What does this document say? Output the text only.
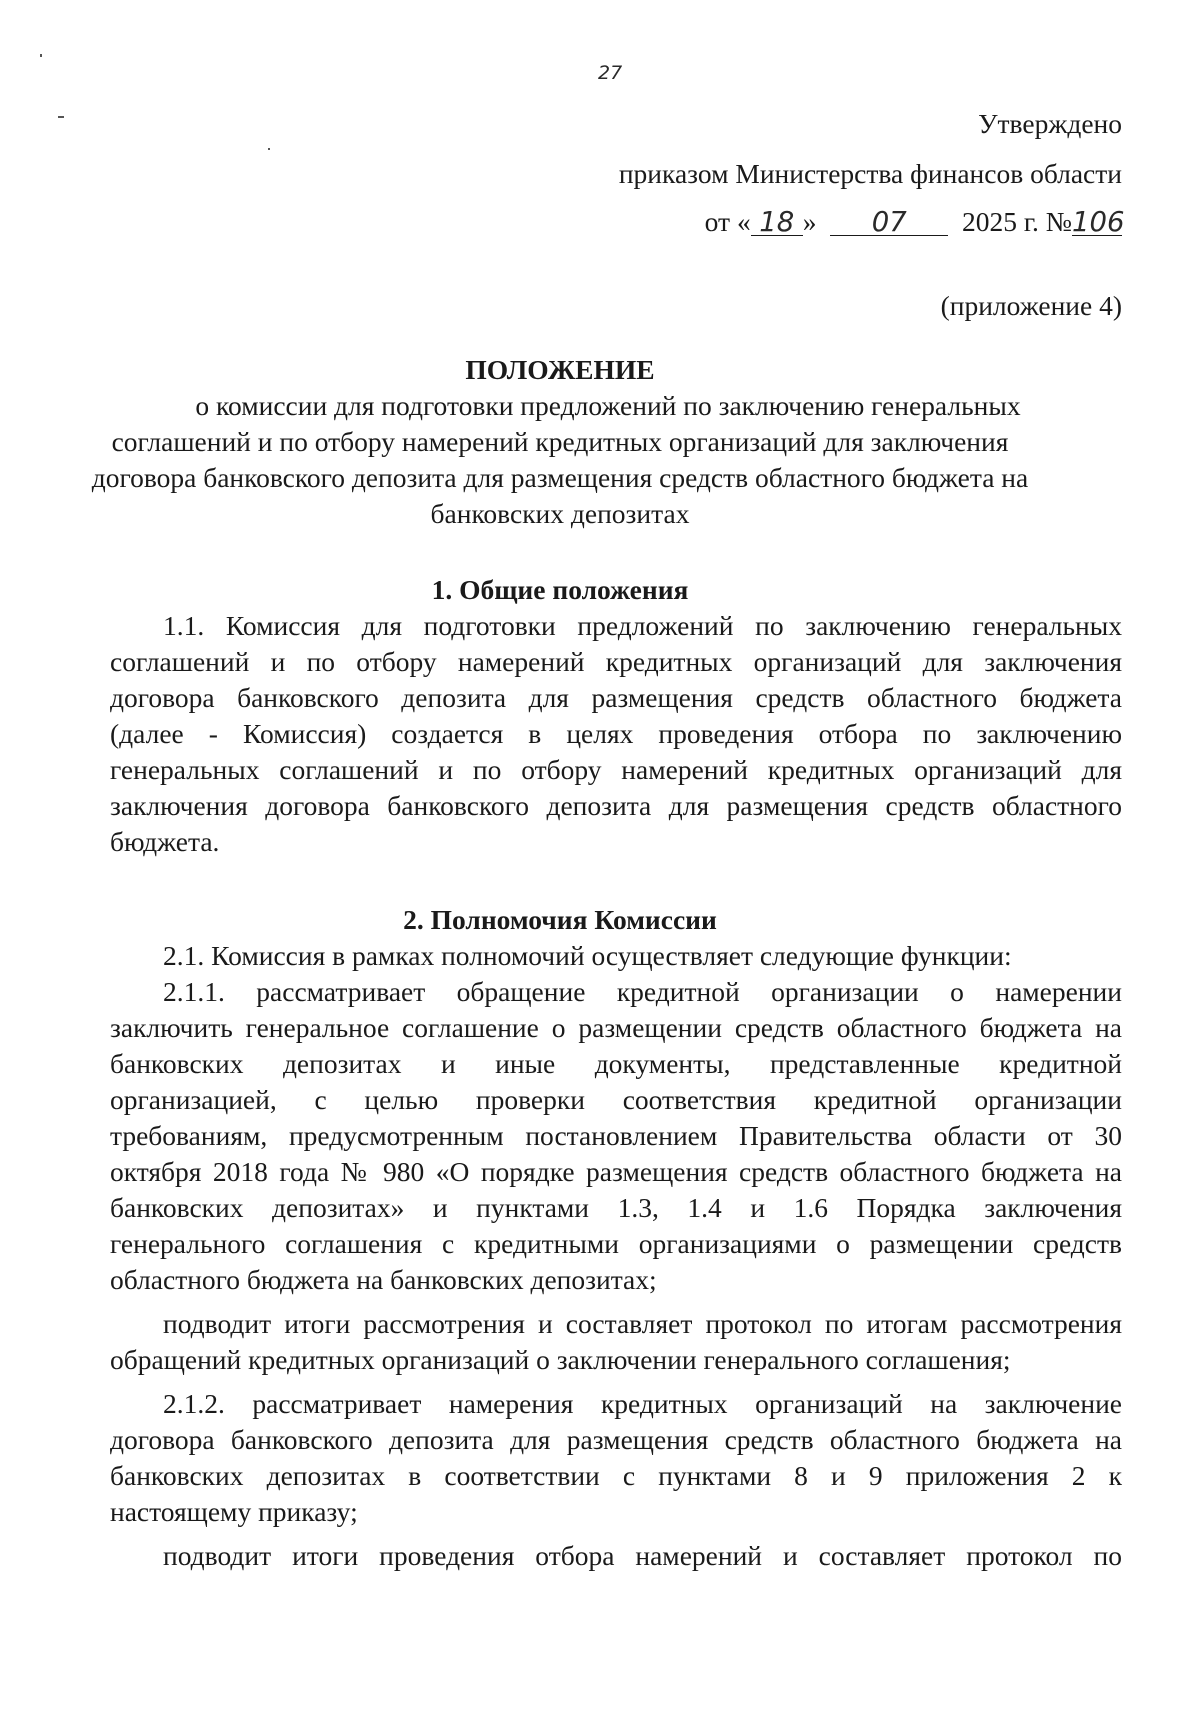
27
Утверждено
приказом Министерства финансов области
от « 18 » 07 2025 г. №106
(приложение 4)
ПОЛОЖЕНИЕ
о комиссии для подготовки предложений по заключению генеральных
соглашений и по отбору намерений кредитных организаций для заключения
договора банковского депозита для размещения средств областного бюджета на
банковских депозитах
1. Общие положения
1.1. Комиссия для подготовки предложений по заключению генеральных
соглашений и по отбору намерений кредитных организаций для заключения
договора банковского депозита для размещения средств областного бюджета
(далее - Комиссия) создается в целях проведения отбора по заключению
генеральных соглашений и по отбору намерений кредитных организаций для
заключения договора банковского депозита для размещения средств областного
бюджета.
2. Полномочия Комиссии
2.1. Комиссия в рамках полномочий осуществляет следующие функции:
2.1.1. рассматривает обращение кредитной организации о намерении
заключить генеральное соглашение о размещении средств областного бюджета на
банковских депозитах и иные документы, представленные кредитной
организацией, с целью проверки соответствия кредитной организации
требованиям, предусмотренным постановлением Правительства области от 30
октября 2018 года № 980 «О порядке размещения средств областного бюджета на
банковских депозитах» и пунктами 1.3, 1.4 и 1.6 Порядка заключения
генерального соглашения с кредитными организациями о размещении средств
областного бюджета на банковских депозитах;
подводит итоги рассмотрения и составляет протокол по итогам рассмотрения
обращений кредитных организаций о заключении генерального соглашения;
2.1.2. рассматривает намерения кредитных организаций на заключение
договора банковского депозита для размещения средств областного бюджета на
банковских депозитах в соответствии с пунктами 8 и 9 приложения 2 к
настоящему приказу;
подводит итоги проведения отбора намерений и составляет протокол по
